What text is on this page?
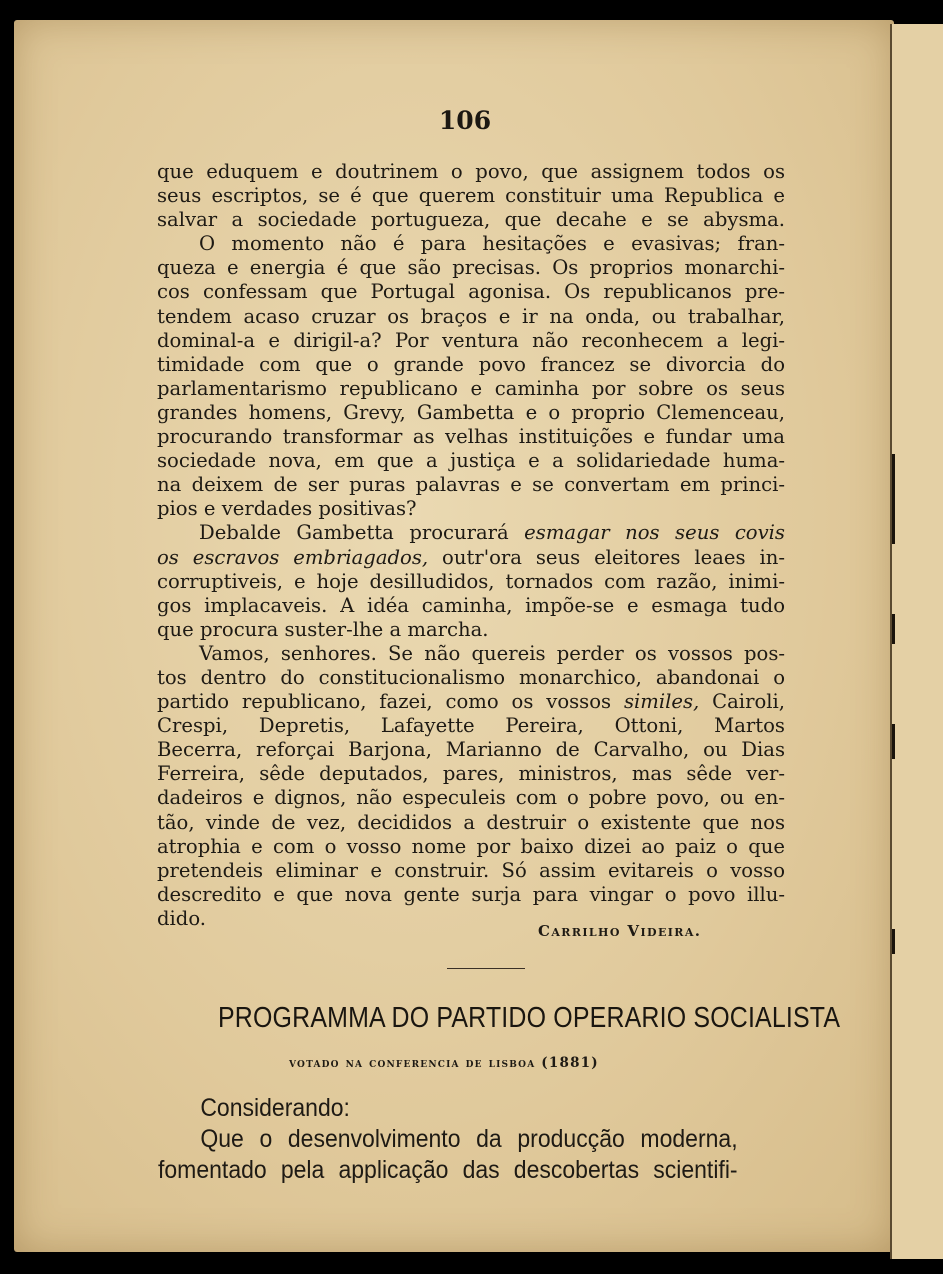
106
que eduquem e doutrinem o povo, que assignem todos os
seus escriptos, se é que querem constituir uma Republica e
salvar a sociedade portugueza, que decahe e se abysma.
O momento não é para hesitações e evasivas; fran-
queza e energia é que são precisas. Os proprios monarchi-
cos confessam que Portugal agonisa. Os republicanos pre-
tendem acaso cruzar os braços e ir na onda, ou trabalhar,
dominal-a e dirigil-a? Por ventura não reconhecem a legi-
timidade com que o grande povo francez se divorcia do
parlamentarismo republicano e caminha por sobre os seus
grandes homens, Grevy, Gambetta e o proprio Clemenceau,
procurando transformar as velhas instituições e fundar uma
sociedade nova, em que a justiça e a solidariedade huma-
na deixem de ser puras palavras e se convertam em princi-
pios e verdades positivas?
Debalde Gambetta procurará esmagar nos seus covis
os escravos embriagados, outr'ora seus eleitores leaes in-
corruptiveis, e hoje desilludidos, tornados com razão, inimi-
gos implacaveis. A idéa caminha, impõe-se e esmaga tudo
que procura suster-lhe a marcha.
Vamos, senhores. Se não quereis perder os vossos pos-
tos dentro do constitucionalismo monarchico, abandonai o
partido republicano, fazei, como os vossos similes, Cairoli,
Crespi, Depretis, Lafayette Pereira, Ottoni, Martos
Becerra, reforçai Barjona, Marianno de Carvalho, ou Dias
Ferreira, sêde deputados, pares, ministros, mas sêde ver-
dadeiros e dignos, não especuleis com o pobre povo, ou en-
tão, vinde de vez, decididos a destruir o existente que nos
atrophia e com o vosso nome por baixo dizei ao paiz o que
pretendeis eliminar e construir. Só assim evitareis o vosso
descredito e que nova gente surja para vingar o povo illu-
dido.
Carrilho Videira.
PROGRAMMA DO PARTIDO OPERARIO SOCIALISTA
votado na conferencia de lisboa (1881)
Considerando:
Que o desenvolvimento da producção moderna,
fomentado pela applicação das descobertas scientifi-
